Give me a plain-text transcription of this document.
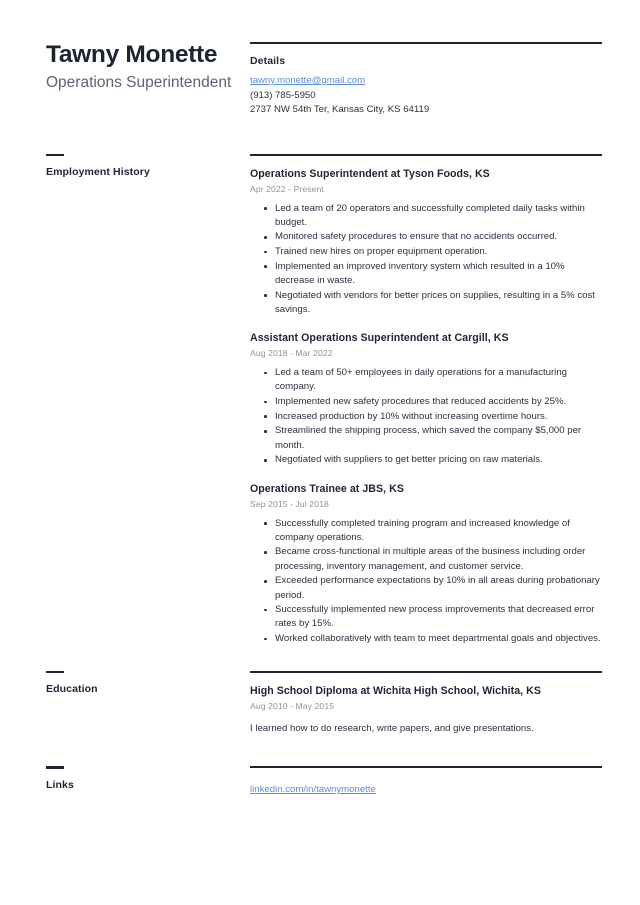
Tawny Monette
Operations Superintendent
Details
tawny.monette@gmail.com
(913) 785-5950
2737 NW 54th Ter, Kansas City, KS 64119
Employment History	Operations Superintendent at Tyson Foods, KS
Apr 2022 - Present
Led a team of 20 operators and successfully completed daily tasks within budget.
Monitored safety procedures to ensure that no accidents occurred.
Trained new hires on proper equipment operation.
Implemented an improved inventory system which resulted in a 10% decrease in waste.
Negotiated with vendors for better prices on supplies, resulting in a 5% cost savings.
Assistant Operations Superintendent at Cargill, KS
Aug 2018 - Mar 2022
Led a team of 50+ employees in daily operations for a manufacturing company.
Implemented new safety procedures that reduced accidents by 25%.
Increased production by 10% without increasing overtime hours.
Streamlined the shipping process, which saved the company $5,000 per month.
Negotiated with suppliers to get better pricing on raw materials.
Operations Trainee at JBS, KS
Sep 2015 - Jul 2018
Successfully completed training program and increased knowledge of company operations.
Became cross-functional in multiple areas of the business including order processing, inventory management, and customer service.
Exceeded performance expectations by 10% in all areas during probationary period.
Successfully implemented new process improvements that decreased error rates by 15%.
Worked collaboratively with team to meet departmental goals and objectives.
Education	High School Diploma at Wichita High School, Wichita, KS
Aug 2010 - May 2015
I learned how to do research, write papers, and give presentations.
Links	linkedin.com/in/tawnymonette
